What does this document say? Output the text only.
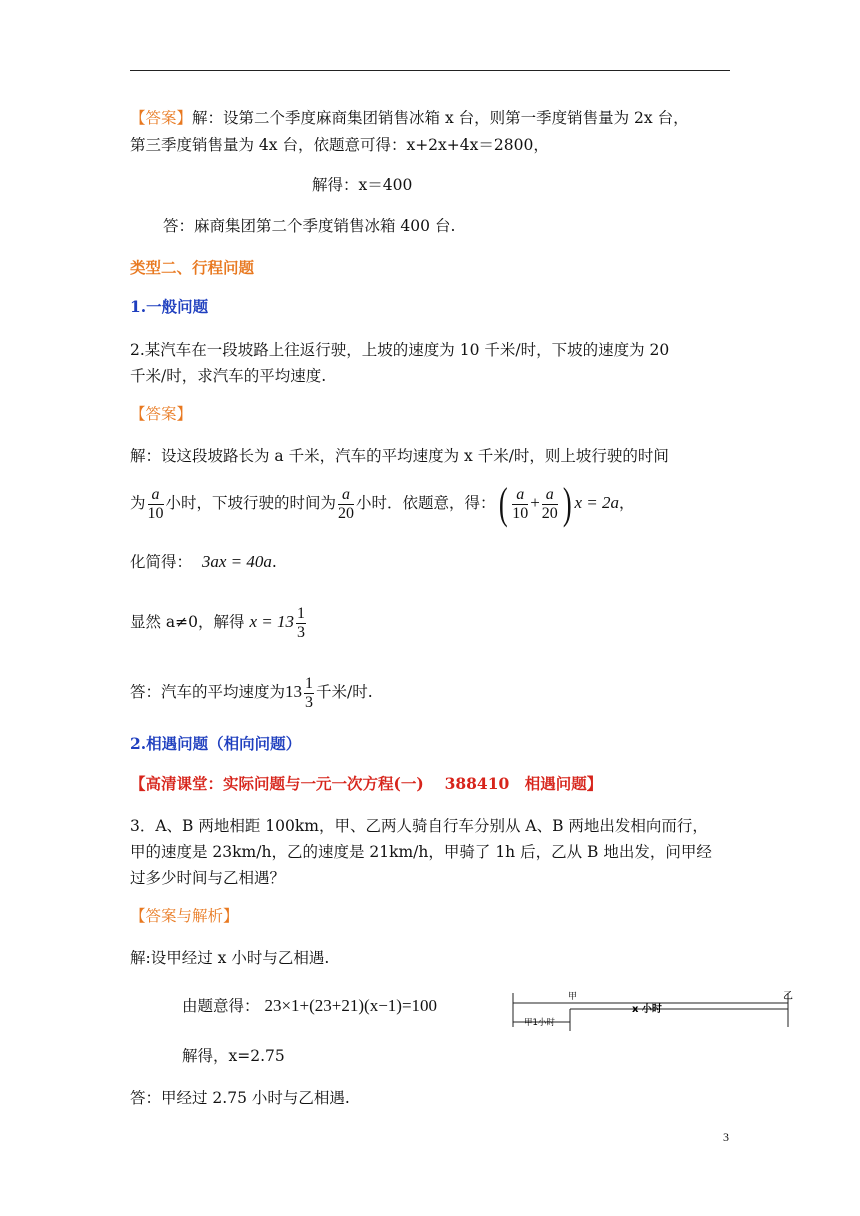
【答案】解：设第二个季度麻商集团销售冰箱 x 台，则第一季度销售量为 2x 台，
第三季度销售量为 4x 台，依题意可得：x+2x+4x＝2800，
解得：x＝400
答：麻商集团第二个季度销售冰箱 400 台.
类型二、行程问题
1.一般问题
2.某汽车在一段坡路上往返行驶，上坡的速度为 10 千米/时，下坡的速度为 20
千米/时，求汽车的平均速度.
【答案】
解：设这段坡路长为 a 千米，汽车的平均速度为 x 千米/时，则上坡行驶的时间
为 $\frac{a}{10}$ 小时，下坡行驶的时间为 $\frac{a}{20}$ 小时．依题意，得：( $\frac{a}{10} + \frac{a}{20}$ ) x = 2a，
化简得： 3ax = 40a.
显然 a≠0，解得 $x = 13 \frac{1}{3}$
答：汽车的平均速度为$13 \frac{1}{3}$ 千米/时.
2.相遇问题（相向问题）
【高清课堂：实际问题与一元一次方程(一)　 388410　相遇问题】
3．A、B 两地相距 100km，甲、乙两人骑自行车分别从 A、B 两地出发相向而行，
甲的速度是 23km/h，乙的速度是 21km/h，甲骑了 1h 后，乙从 B 地出发，问甲经
过多少时间与乙相遇？
【答案与解析】
解:设甲经过 x 小时与乙相遇.
由题意得： 23×1+(23+21)(x−1)=100
解得，x=2.75
答：甲经过 2.75 小时与乙相遇.
甲
x 小时
乙
甲1小时
3
